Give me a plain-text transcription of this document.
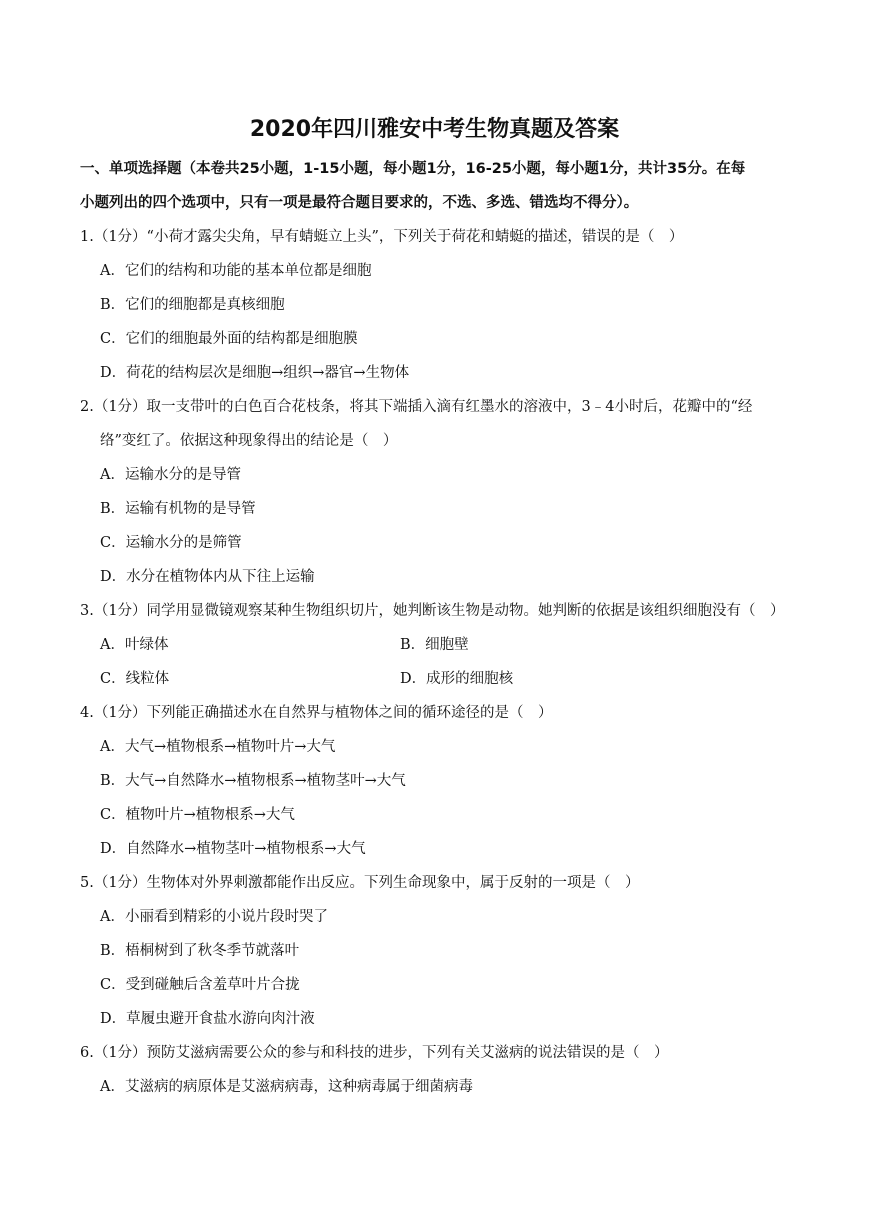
2020年四川雅安中考生物真题及答案
一、单项选择题（本卷共25小题，1-15小题，每小题1分，16-25小题，每小题1分，共计35分。在每
小题列出的四个选项中，只有一项是最符合题目要求的，不选、多选、错选均不得分）。
1.（1分）“小荷才露尖尖角，早有蜻蜓立上头”，下列关于荷花和蜻蜓的描述，错误的是（　）
A．它们的结构和功能的基本单位都是细胞
B．它们的细胞都是真核细胞
C．它们的细胞最外面的结构都是细胞膜
D．荷花的结构层次是细胞→组织→器官→生物体
2.（1分）取一支带叶的白色百合花枝条，将其下端插入滴有红墨水的溶液中，3﹣4小时后，花瓣中的“经
络”变红了。依据这种现象得出的结论是（　）
A．运输水分的是导管
B．运输有机物的是导管
C．运输水分的是筛管
D．水分在植物体内从下往上运输
3.（1分）同学用显微镜观察某种生物组织切片，她判断该生物是动物。她判断的依据是该组织细胞没有（　）
A．叶绿体	B．细胞壁
C．线粒体	D．成形的细胞核
4.（1分）下列能正确描述水在自然界与植物体之间的循环途径的是（　）
A．大气→植物根系→植物叶片→大气
B．大气→自然降水→植物根系→植物茎叶→大气
C．植物叶片→植物根系→大气
D．自然降水→植物茎叶→植物根系→大气
5.（1分）生物体对外界刺激都能作出反应。下列生命现象中，属于反射的一项是（　）
A．小丽看到精彩的小说片段时哭了
B．梧桐树到了秋冬季节就落叶
C．受到碰触后含羞草叶片合拢
D．草履虫避开食盐水游向肉汁液
6.（1分）预防艾滋病需要公众的参与和科技的进步，下列有关艾滋病的说法错误的是（　）
A．艾滋病的病原体是艾滋病病毒，这种病毒属于细菌病毒
